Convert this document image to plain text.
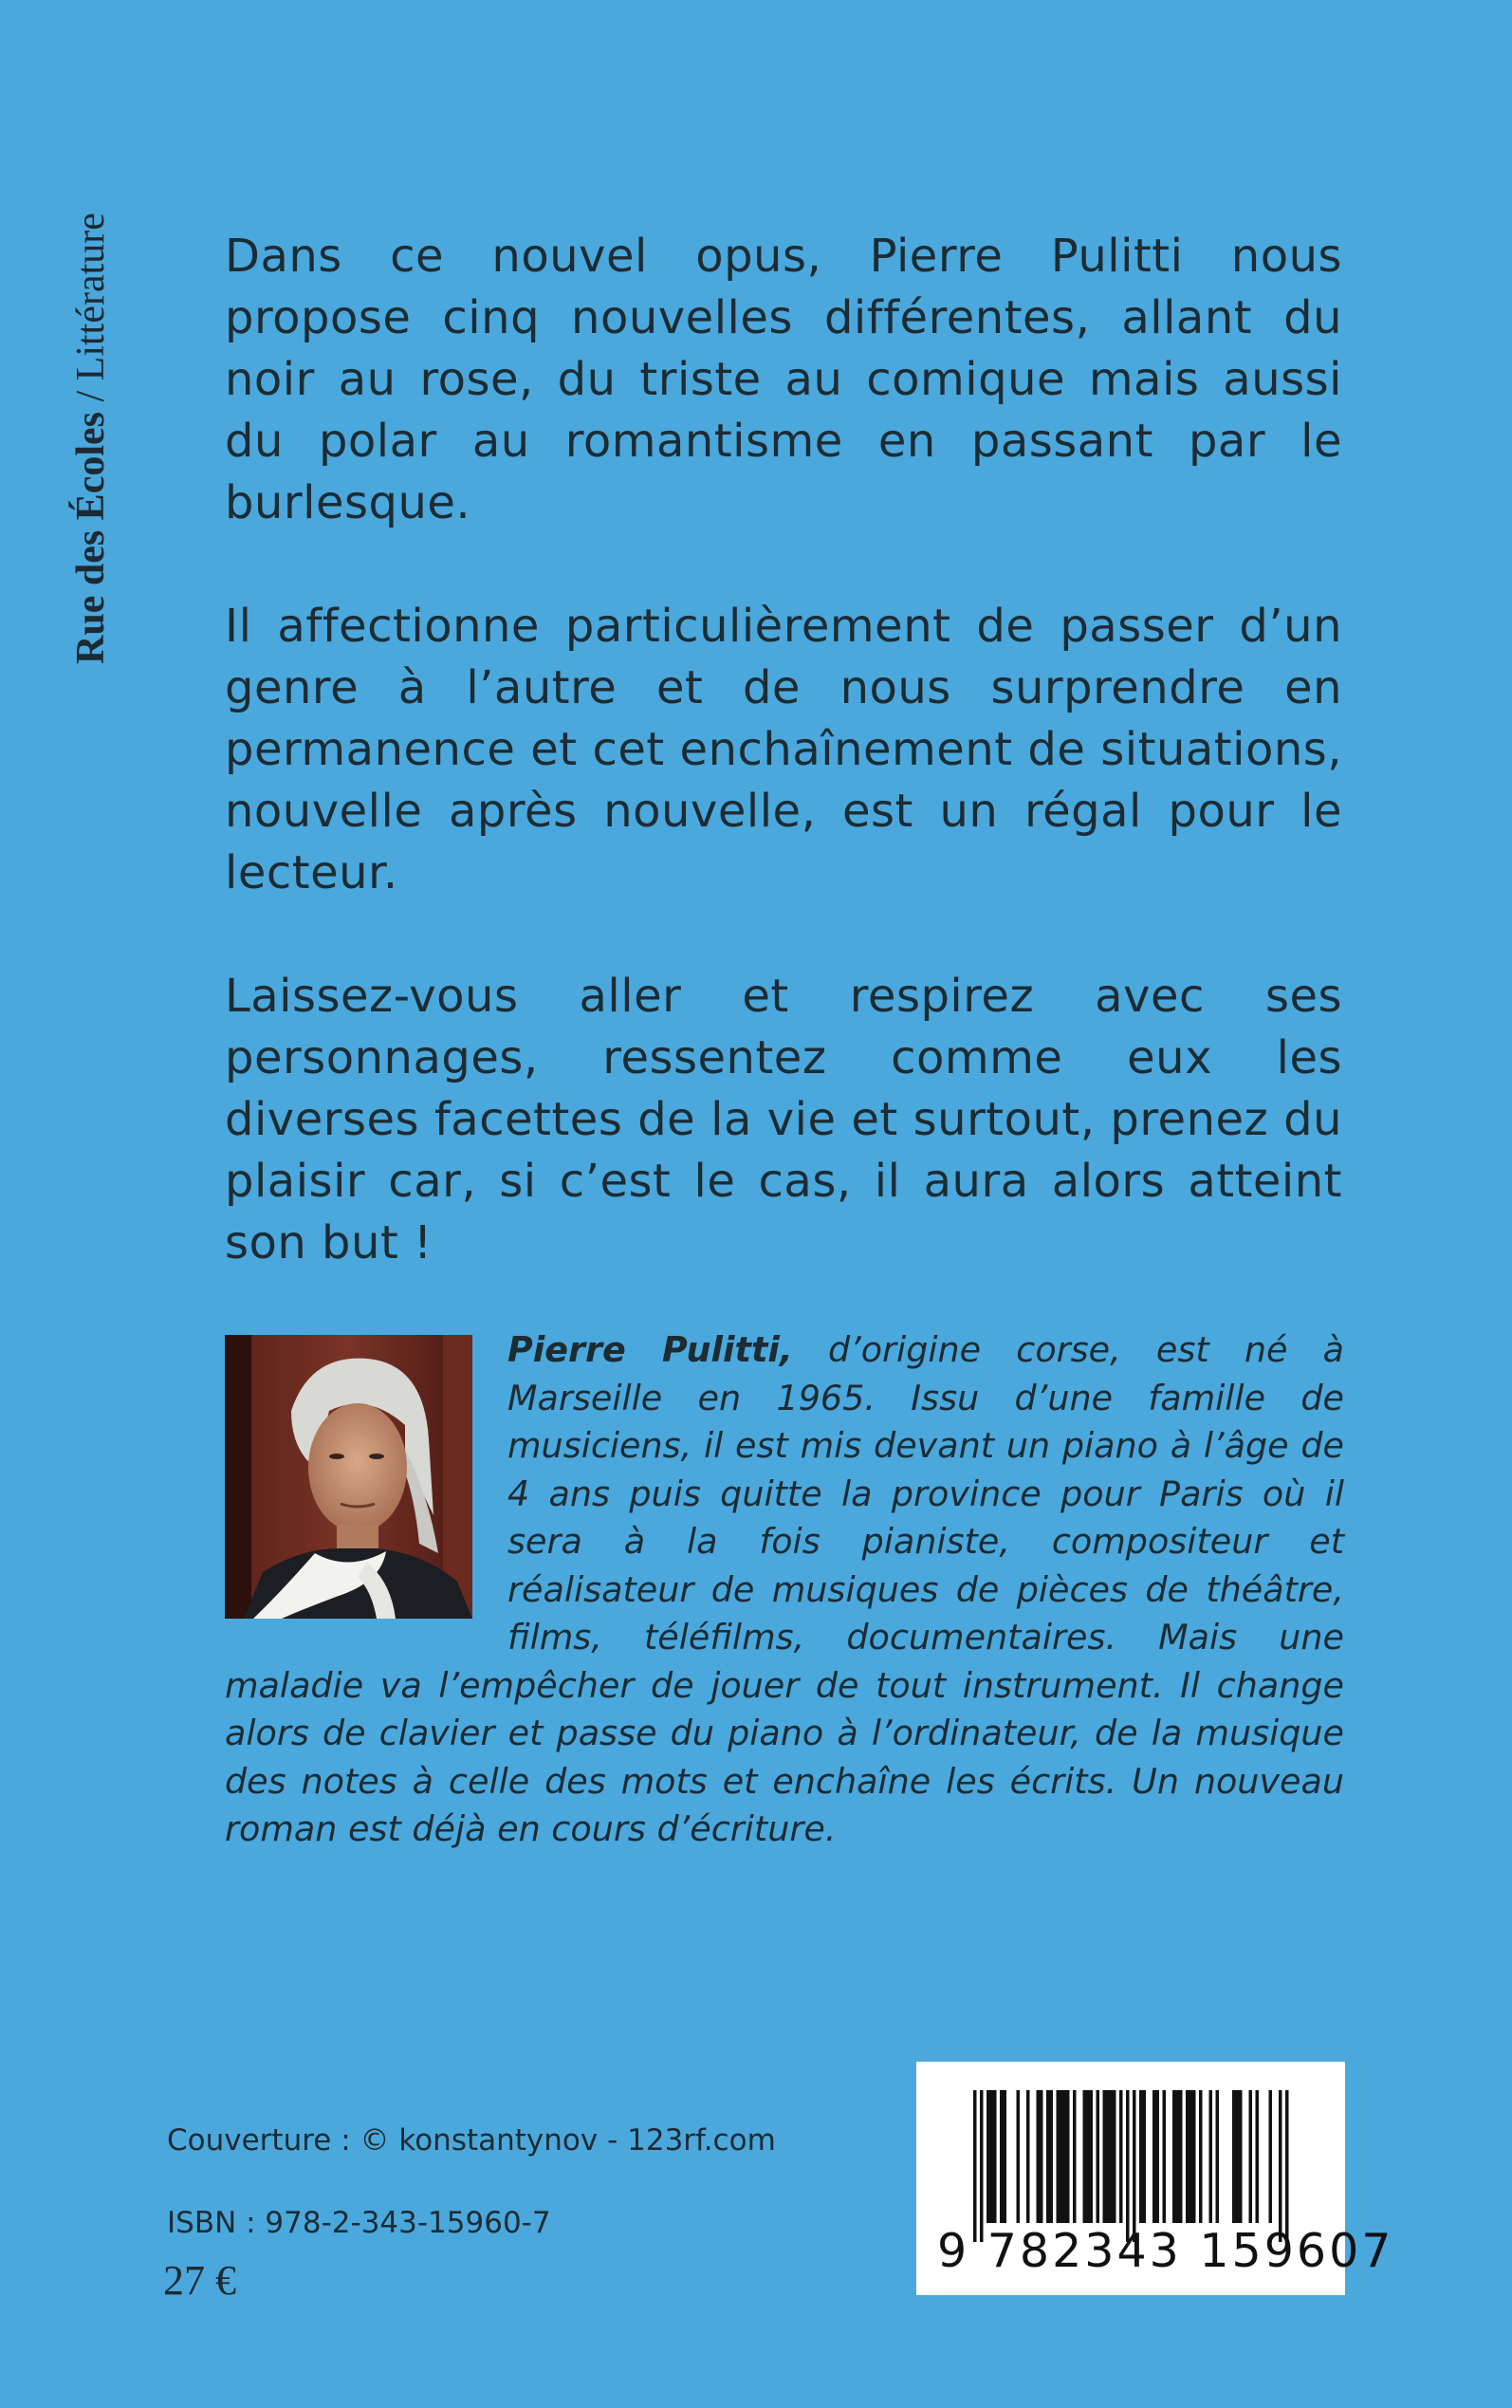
Rue des Écoles / Littérature Dans ce nouvel opus, Pierre Pulitti nous propose cinq nouvelles différentes, allant du noir au rose, du triste au comique mais aussi du polar au romantisme en passant par le burlesque.

Il affectionne particulièrement de passer d’un genre à l’autre et de nous surprendre en permanence et cet enchaînement de situations, nouvelle après nouvelle, est un régal pour le lecteur.

Laissez-vous aller et respirez avec ses personnages, ressentez comme eux les diverses facettes de la vie et surtout, prenez du plaisir car, si c’est le cas, il aura alors atteint son but !

Pierre Pulitti, d’origine corse, est né à Marseille en 1965. Issu d’une famille de musiciens, il est mis devant un piano à l’âge de 4 ans puis quitte la province pour Paris où il sera à la fois pianiste, compositeur et réalisateur de musiques de pièces de théâtre, films, téléfilms, documentaires. Mais une maladie va l’empêcher de jouer de tout instrument. Il change alors de clavier et passe du piano à l’ordinateur, de la musique des notes à celle des mots et enchaîne les écrits. Un nouveau roman est déjà en cours d’écriture.
Couverture : © konstantynov - 123rf.com
ISBN : 978-2-343-15960-7
27 €
9 782343 159607
